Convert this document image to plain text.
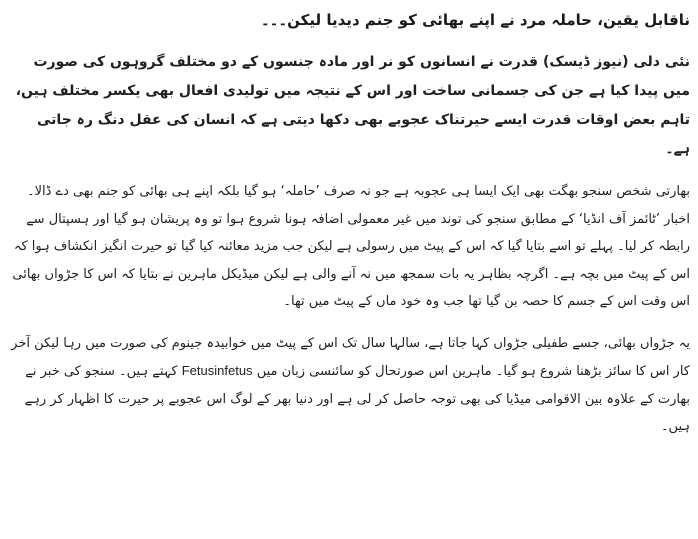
ناقابل یقین، حاملہ مرد نے اپنے بھائی کو جنم دیدیا لیکن۔۔۔

نئی دلی (نیوز ڈیسک) قدرت نے انسانوں کو نر اور مادہ جنسوں کے دو مختلف گروہوں کی صورت میں پیدا کیا ہے جن کی جسمانی ساخت اور اس کے نتیجہ میں تولیدی افعال بھی یکسر مختلف ہیں، تاہم بعض اوقات قدرت ایسے حیرتناک عجوبے بھی دکھا دیتی ہے کہ انسان کی عقل دنگ رہ جاتی ہے۔

بھارتی شخص سنجو بھگت بھی ایک ایسا ہی عجوبہ ہے جو نہ صرف ’حاملہ‘ ہو گیا بلکہ اپنے ہی بھائی کو جنم بھی دے ڈالا۔ اخبار ’ٹائمز آف انڈیا‘ کے مطابق سنجو کی توند میں غیر معمولی اضافہ ہونا شروع ہوا تو وہ پریشان ہو گیا اور ہسپتال سے رابطہ کر لیا۔ پہلے تو اسے بتایا گیا کہ اس کے پیٹ میں رسولی ہے لیکن جب مزید معائنہ کیا گیا تو حیرت انگیز انکشاف ہوا کہ اس کے پیٹ میں بچہ ہے۔ اگرچہ بظاہر یہ بات سمجھ میں نہ آنے والی ہے لیکن میڈیکل ماہرین نے بتایا کہ اس کا جڑواں بھائی اس وقت اس کے جسم کا حصہ بن گیا تھا جب وہ خود ماں کے پیٹ میں تھا۔

یہ جڑواں بھائی، جسے طفیلی جڑواں کہا جاتا ہے، سالہا سال تک اس کے پیٹ میں خوابیدہ جینوم کی صورت میں رہا لیکن آخر کار اس کا سائز بڑھنا شروع ہو گیا۔ ماہرین اس صورتحال کو سائنسی زبان میں Fetusinfetus کہتے ہیں۔ سنجو کی خبر نے بھارت کے علاوہ بین الاقوامی میڈیا کی بھی توجہ حاصل کر لی ہے اور دنیا بھر کے لوگ اس عجوبے پر حیرت کا اظہار کر رہے ہیں۔
